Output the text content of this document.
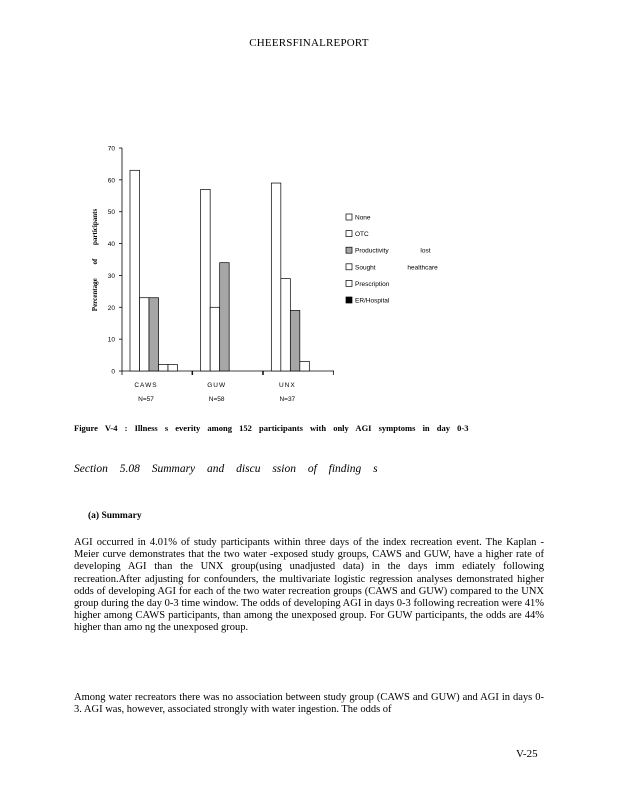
CHEERSFINALREPORT
0
10
20
30
40
50
60
70
Percentage of participants
CAWS
N=57
GUW
N=58
UNX
N=37
None
OTC
Productivity lost
Sought healthcare
Prescription
ER/Hospital
Figure V-4 : Illness s everity among 152 participants with only AGI symptoms in day 0-3
Section 5.08 Summary and discu ssion of finding s
(a) Summary
AGI occurred in 4.01% of study participants within three days of the index recreation event. The Kaplan -Meier curve demonstrates that the two water -exposed study groups, CAWS and GUW, have a higher rate of developing AGI than the UNX group(using unadjusted data) in the days imm ediately following recreation.After adjusting for confounders, the multivariate logistic regression analyses demonstrated higher odds of developing AGI for each of the two water recreation groups (CAWS and GUW) compared to the UNX group during the day 0-3 time window. The odds of developing AGI in days 0-3 following recreation were 41% higher among CAWS participants, than among the unexposed group. For GUW participants, the odds are 44% higher than amo ng the unexposed group.
Among water recreators there was no association between study group (CAWS and GUW) and AGI in days 0-3. AGI was, however, associated strongly with water ingestion. The odds of
V-25
